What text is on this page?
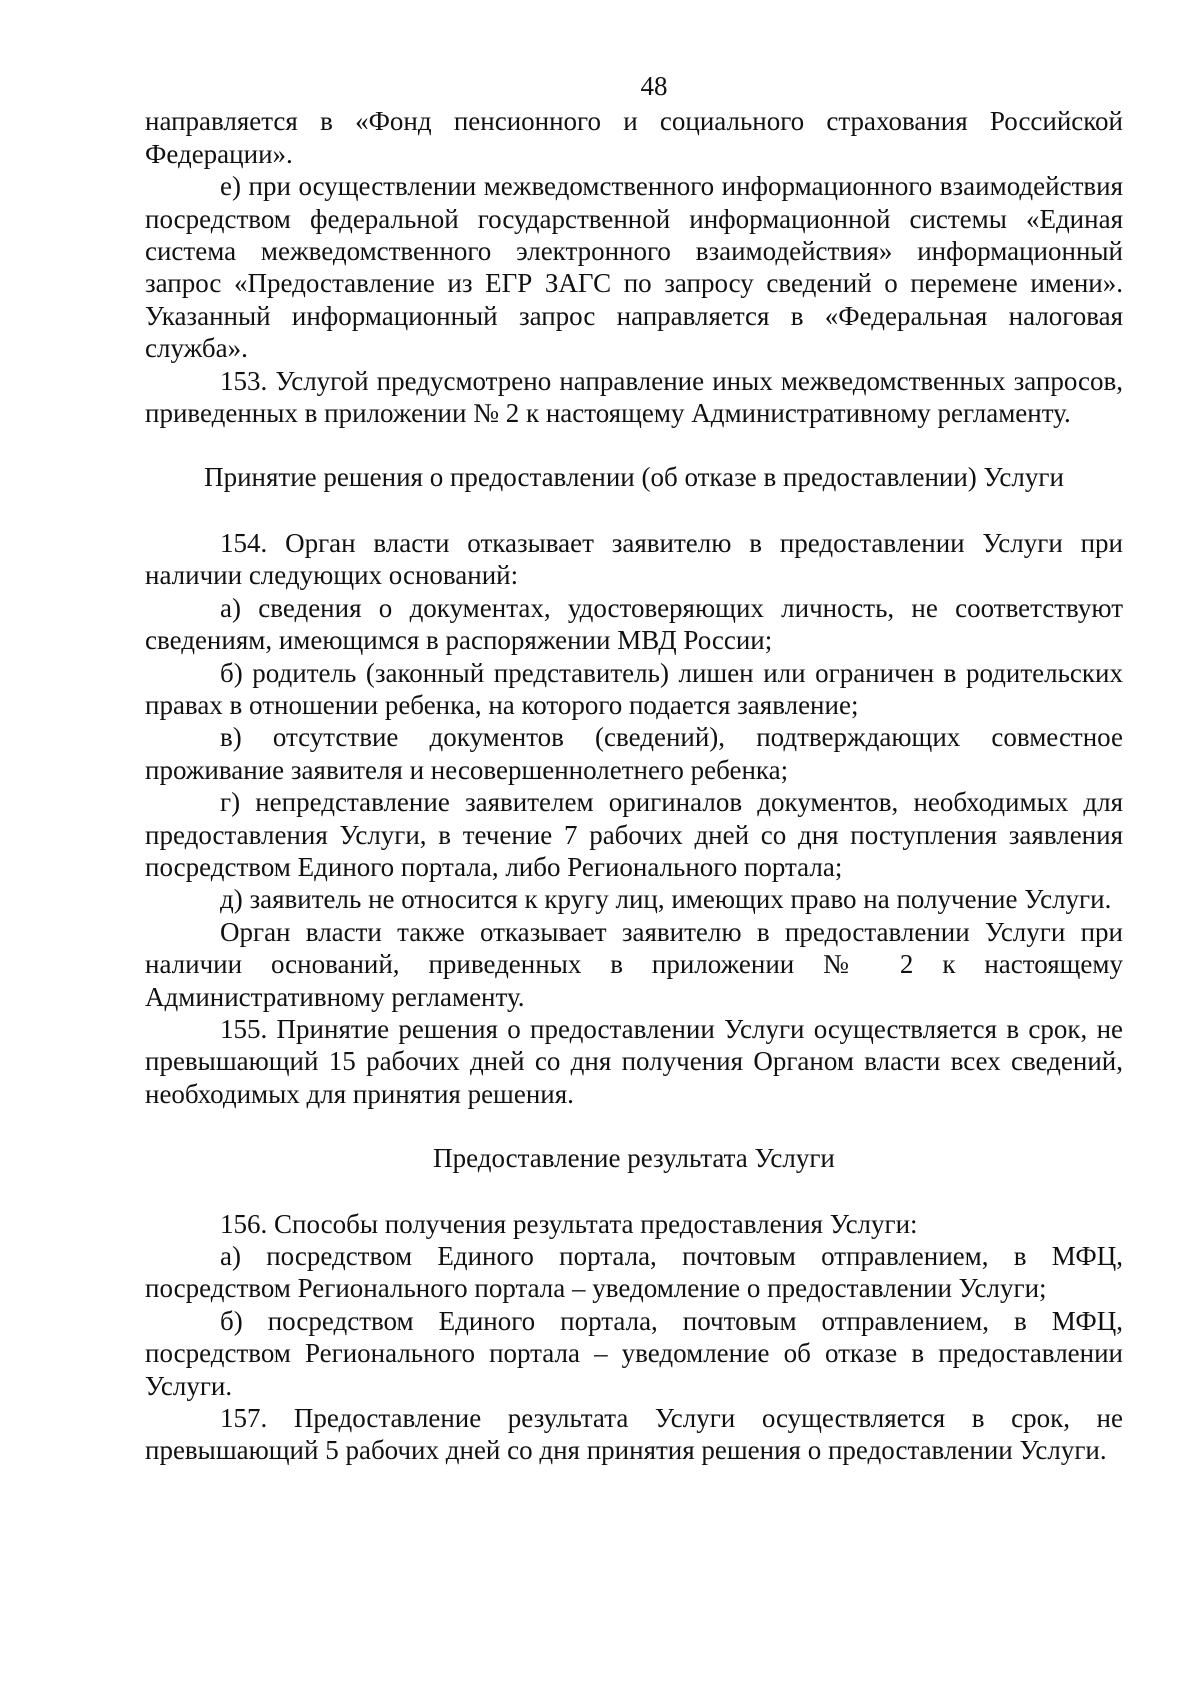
48

направляется в «Фонд пенсионного и социального страхования Российской Федерации».

е) при осуществлении межведомственного информационного взаимодействия посредством федеральной государственной информационной системы «Единая система межведомственного электронного взаимодействия» информационный запрос «Предоставление из ЕГР ЗАГС по запросу сведений о перемене имени». Указанный информационный запрос направляется в «Федеральная налоговая служба».

153. Услугой предусмотрено направление иных межведомственных запросов, приведенных в приложении № 2 к настоящему Административному регламенту.

Принятие решения о предоставлении (об отказе в предоставлении) Услуги

154. Орган власти отказывает заявителю в предоставлении Услуги при наличии следующих оснований:

а) сведения о документах, удостоверяющих личность, не соответствуют сведениям, имеющимся в распоряжении МВД России;

б) родитель (законный представитель) лишен или ограничен в родительских правах в отношении ребенка, на которого подается заявление;

в) отсутствие документов (сведений), подтверждающих совместное проживание заявителя и несовершеннолетнего ребенка;

г) непредставление заявителем оригиналов документов, необходимых для предоставления Услуги, в течение 7 рабочих дней со дня поступления заявления посредством Единого портала, либо Регионального портала;

д) заявитель не относится к кругу лиц, имеющих право на получение Услуги.

Орган власти также отказывает заявителю в предоставлении Услуги при наличии оснований, приведенных в приложении № 2 к настоящему Административному регламенту.

155. Принятие решения о предоставлении Услуги осуществляется в срок, не превышающий 15 рабочих дней со дня получения Органом власти всех сведений, необходимых для принятия решения.

Предоставление результата Услуги

156. Способы получения результата предоставления Услуги:

а) посредством Единого портала, почтовым отправлением, в МФЦ, посредством Регионального портала – уведомление о предоставлении Услуги;

б) посредством Единого портала, почтовым отправлением, в МФЦ, посредством Регионального портала – уведомление об отказе в предоставлении Услуги.

157. Предоставление результата Услуги осуществляется в срок, не превышающий 5 рабочих дней со дня принятия решения о предоставлении Услуги.
